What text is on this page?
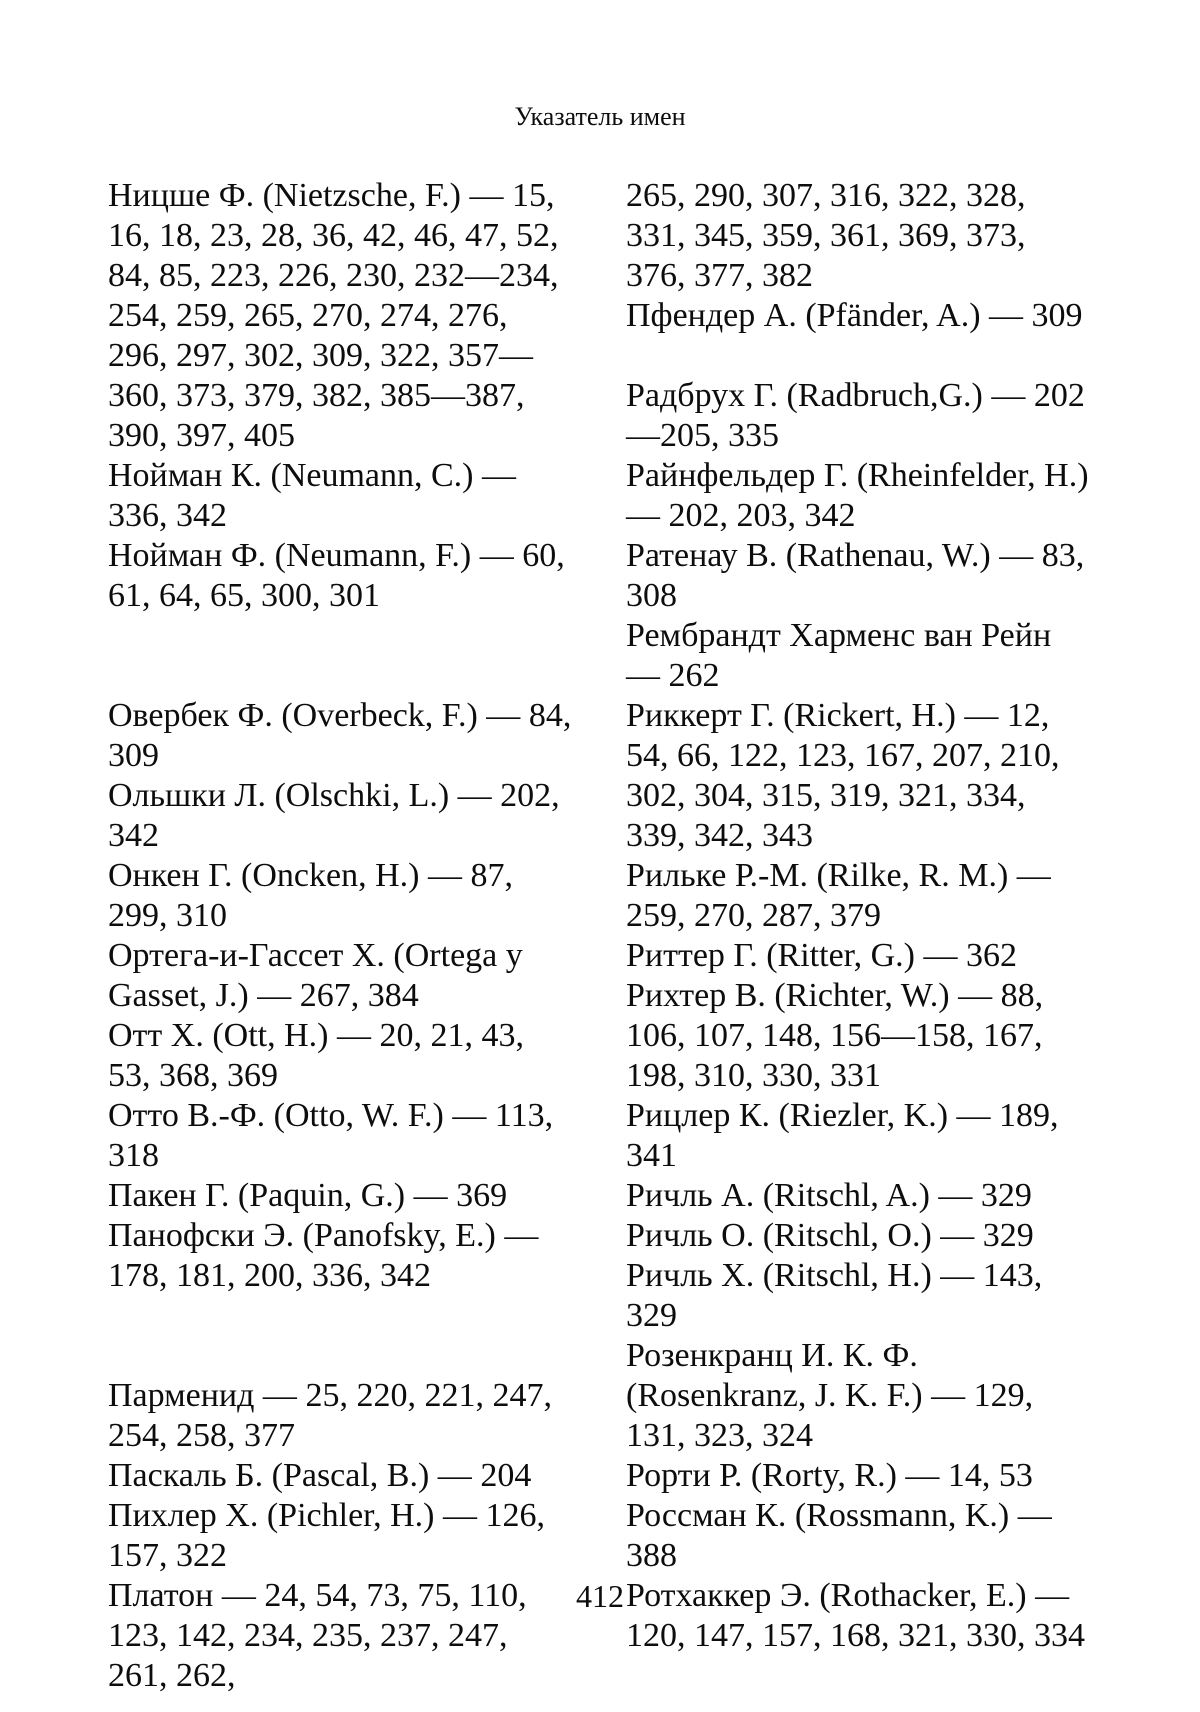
Указатель имен

Ницше Ф. (Nietzsche, F.) — 15, 16, 18, 23, 28, 36, 42, 46, 47, 52, 84, 85, 223, 226, 230, 232—234, 254, 259, 265, 270, 274, 276, 296, 297, 302, 309, 322, 357—360, 373, 379, 382, 385—387, 390, 397, 405

Нойман К. (Neumann, C.) — 336, 342

Нойман Ф. (Neumann, F.) — 60, 61, 64, 65, 300, 301

Овербек Ф. (Overbeck, F.) — 84, 309

Ольшки Л. (Olschki, L.) — 202, 342

Онкен Г. (Oncken, H.) — 87, 299, 310

Ортега-и-Гассет Х. (Ortega y Gasset, J.) — 267, 384

Отт Х. (Ott, H.) — 20, 21, 43, 53, 368, 369

Отто В.-Ф. (Otto, W. F.) — 113, 318

Пакен Г. (Paquin, G.) — 369

Панофски Э. (Panofsky, E.) — 178, 181, 200, 336, 342

Парменид — 25, 220, 221, 247, 254, 258, 377

Паскаль Б. (Pascal, B.) — 204

Пихлер Х. (Pichler, H.) — 126, 157, 322

Платон — 24, 54, 73, 75, 110, 123, 142, 234, 235, 237, 247, 261, 262,

265, 290, 307, 316, 322, 328, 331, 345, 359, 361, 369, 373, 376, 377, 382

Пфендер А. (Pfänder, A.) — 309

Радбрух Г. (Radbruch,G.) — 202—205, 335

Райнфельдер Г. (Rheinfelder, H.) — 202, 203, 342

Ратенау В. (Rathenau, W.) — 83, 308

Рембрандт Харменс ван Рейн — 262

Риккерт Г. (Rickert, H.) — 12, 54, 66, 122, 123, 167, 207, 210, 302, 304, 315, 319, 321, 334, 339, 342, 343

Рильке Р.-М. (Rilke, R. M.) — 259, 270, 287, 379

Риттер Г. (Ritter, G.) — 362

Рихтер В. (Richter, W.) — 88, 106, 107, 148, 156—158, 167, 198, 310, 330, 331

Рицлер К. (Riezler, K.) — 189, 341

Ричль А. (Ritschl, A.) — 329

Ричль О. (Ritschl, O.) — 329

Ричль Х. (Ritschl, H.) — 143, 329

Розенкранц И. К. Ф. (Rosenkranz, J. K. F.) — 129, 131, 323, 324

Рорти Р. (Rorty, R.) — 14, 53

Россман К. (Rossmann, K.) — 388

Ротхаккер Э. (Rothacker, E.) — 120, 147, 157, 168, 321, 330, 334

412
